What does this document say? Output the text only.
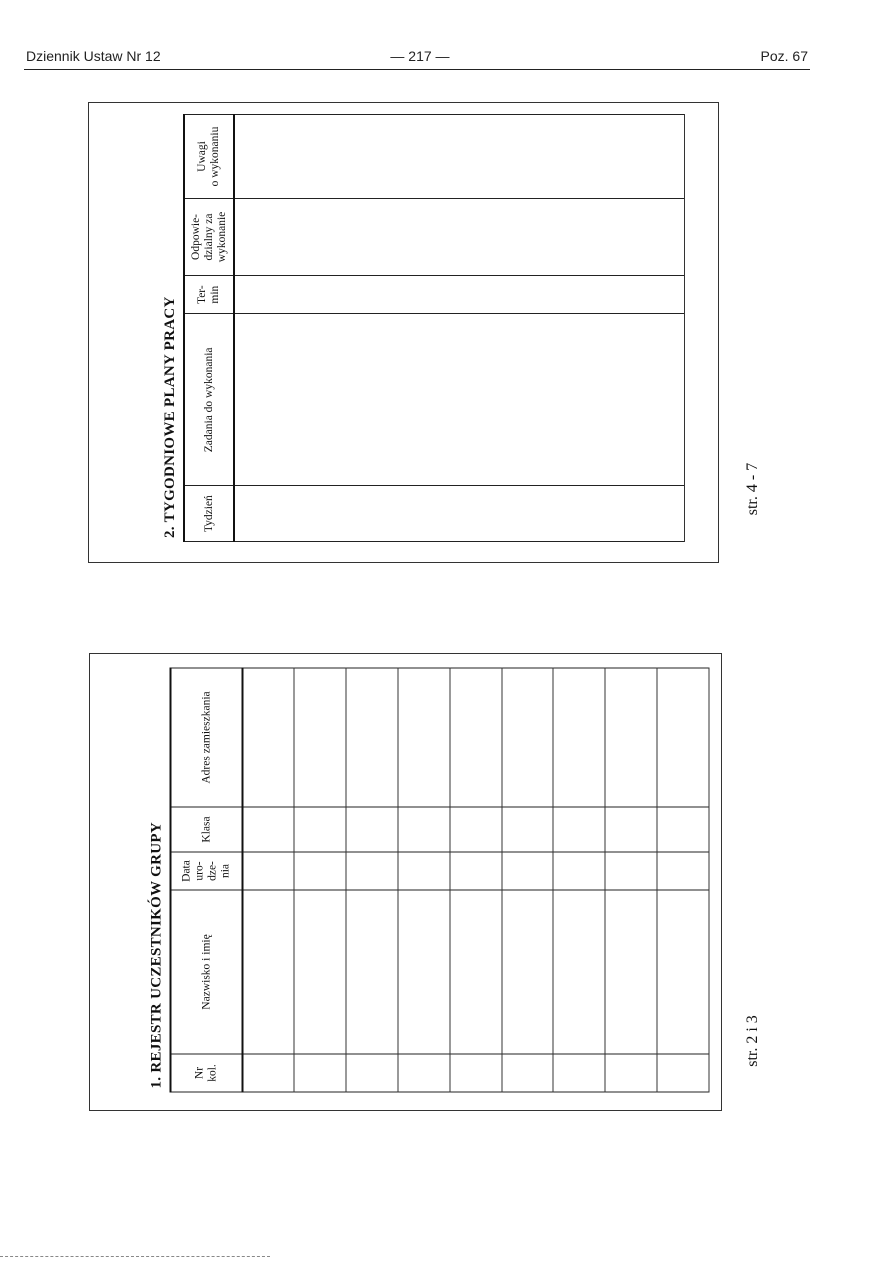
Dziennik Ustaw Nr 12	— 217 —	Poz. 67
2. TYGODNIOWE PLANY PRACY	Tydzień	Zadania do wykonania	Ter-
min	Odpowie-
dzialny za
wykonanie	Uwagi
o wykonaniu

str. 4 - 7
1. REJESTR UCZESTNIKÓW GRUPY	Nr
kol.	Nazwisko i imię	Data
uro-
dze-
nia	Klasa	Adres zamieszkania

str. 2 i 3
